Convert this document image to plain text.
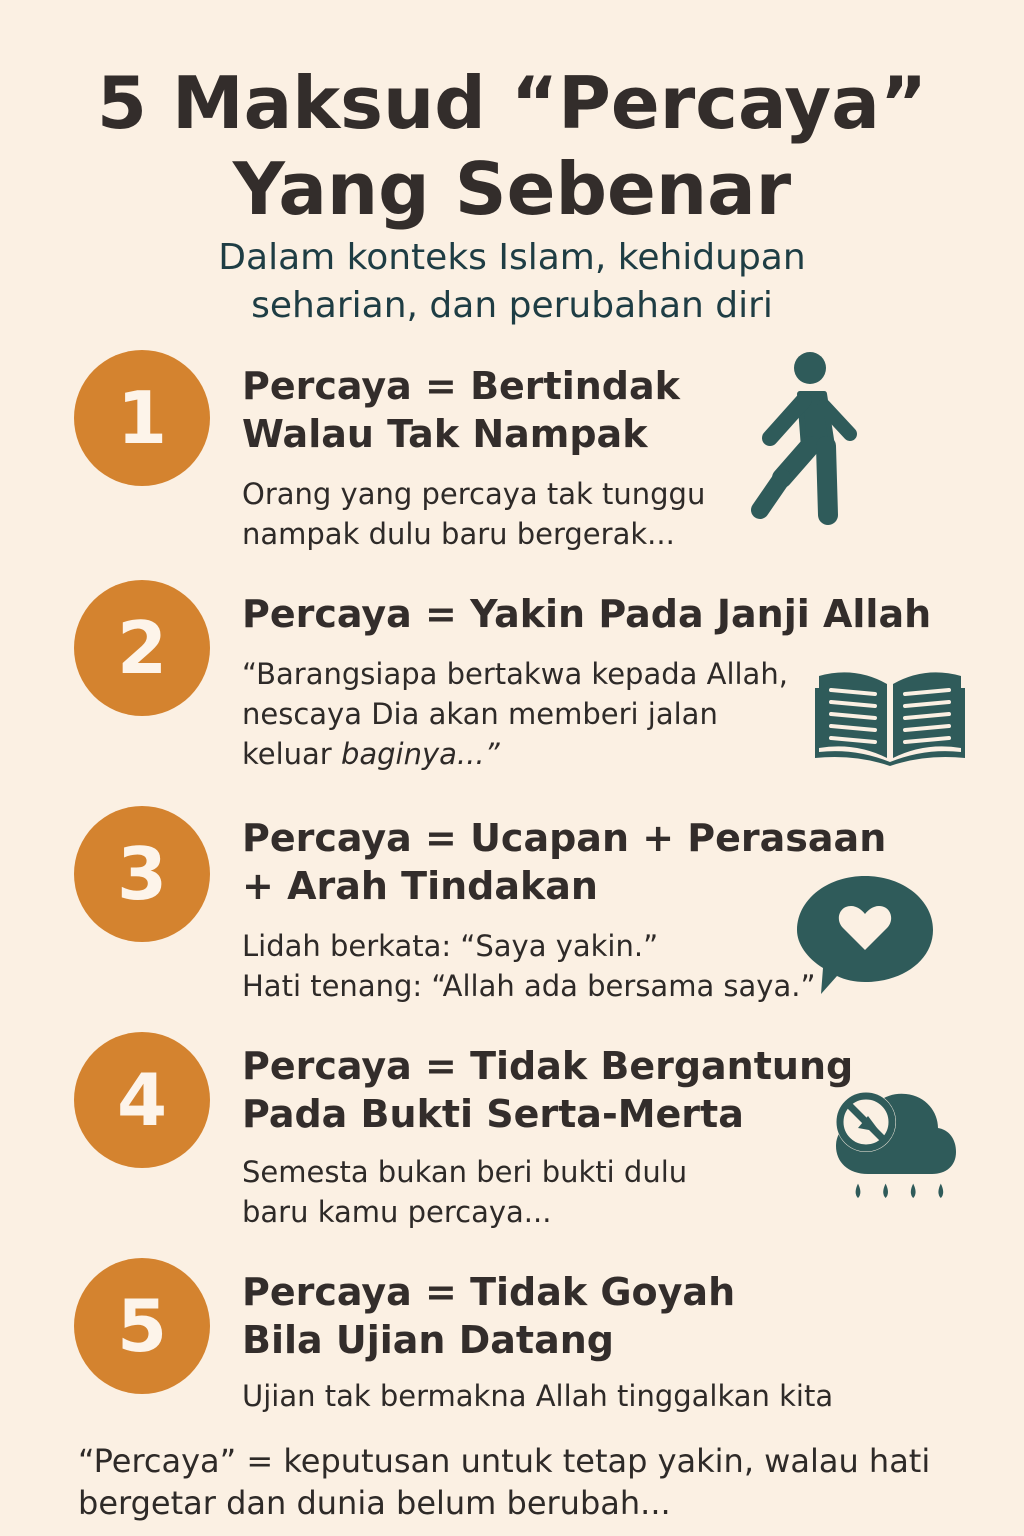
5 Maksud “Percaya”
Yang Sebenar
Dalam konteks Islam, kehidupan
seharian, dan perubahan diri
1	Percaya = Bertindak
Walau Tak Nampak
Orang yang percaya tak tunggu
nampak dulu baru bergerak...
2	Percaya = Yakin Pada Janji Allah
“Barangsiapa bertakwa kepada Allah,
nescaya Dia akan memberi jalan
keluar baginya...”
3	Percaya = Ucapan + Perasaan
+ Arah Tindakan
Lidah berkata: “Saya yakin.”
Hati tenang: “Allah ada bersama saya.”
4	Percaya = Tidak Bergantung
Pada Bukti Serta-Merta
Semesta bukan beri bukti dulu
baru kamu percaya...
5	Percaya = Tidak Goyah
Bila Ujian Datang
Ujian tak bermakna Allah tinggalkan kita
“Percaya” = keputusan untuk tetap yakin, walau hati
bergetar dan dunia belum berubah...
